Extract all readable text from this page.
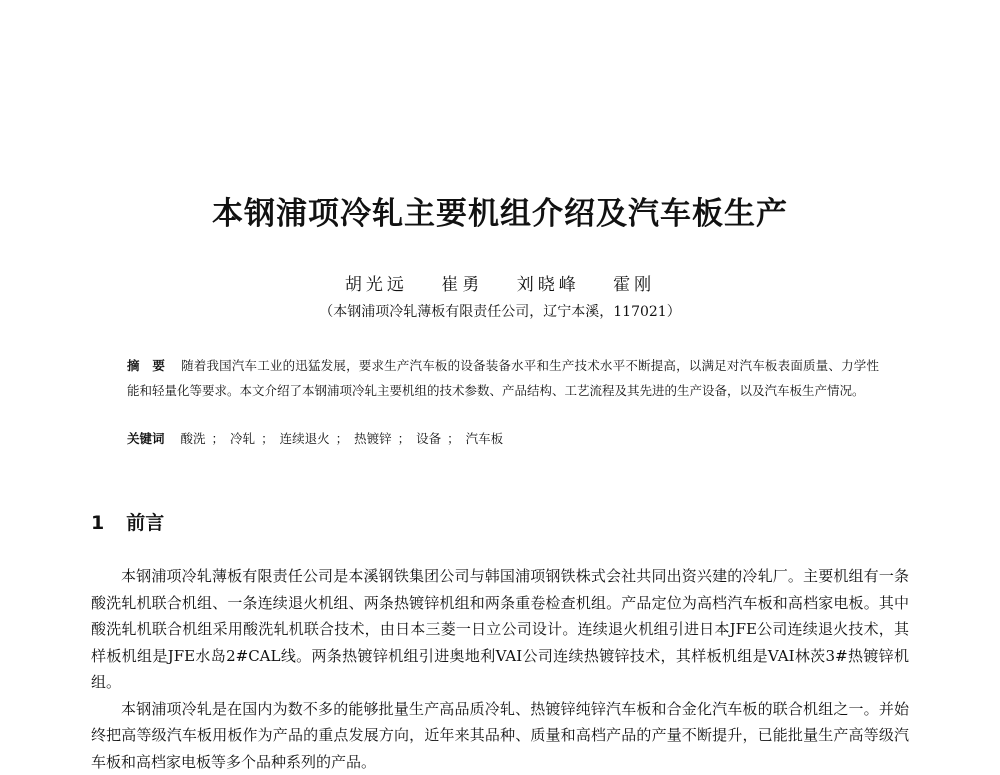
本钢浦项冷轧主要机组介绍及汽车板生产
胡光远 崔勇 刘晓峰 霍刚
（本钢浦项冷轧薄板有限责任公司，辽宁本溪，117021）
摘　要 随着我国汽车工业的迅猛发展，要求生产汽车板的设备装备水平和生产技术水平不断提高，以满足对汽车板表面质量、力学性能和轻量化等要求。本文介绍了本钢浦项冷轧主要机组的技术参数、产品结构、工艺流程及其先进的生产设备，以及汽车板生产情况。
关键词 酸洗 ； 冷轧 ； 连续退火 ； 热镀锌 ； 设备 ； 汽车板
1 前言

本钢浦项冷轧薄板有限责任公司是本溪钢铁集团公司与韩国浦项钢铁株式会社共同出资兴建的冷轧厂。主要机组有一条酸洗轧机联合机组、一条连续退火机组、两条热镀锌机组和两条重卷检查机组。产品定位为高档汽车板和高档家电板。其中酸洗轧机联合机组采用酸洗轧机联合技术，由日本三菱一日立公司设计。连续退火机组引进日本JFE公司连续退火技术，其样板机组是JFE水岛2#CAL线。两条热镀锌机组引进奥地利VAI公司连续热镀锌技术，其样板机组是VAI林茨3#热镀锌机组。

本钢浦项冷轧是在国内为数不多的能够批量生产高品质冷轧、热镀锌纯锌汽车板和合金化汽车板的联合机组之一。并始终把高等级汽车板用板作为产品的重点发展方向，近年来其品种、质量和高档产品的产量不断提升，已能批量生产高等级汽车板和高档家电板等多个品种系列的产品。
